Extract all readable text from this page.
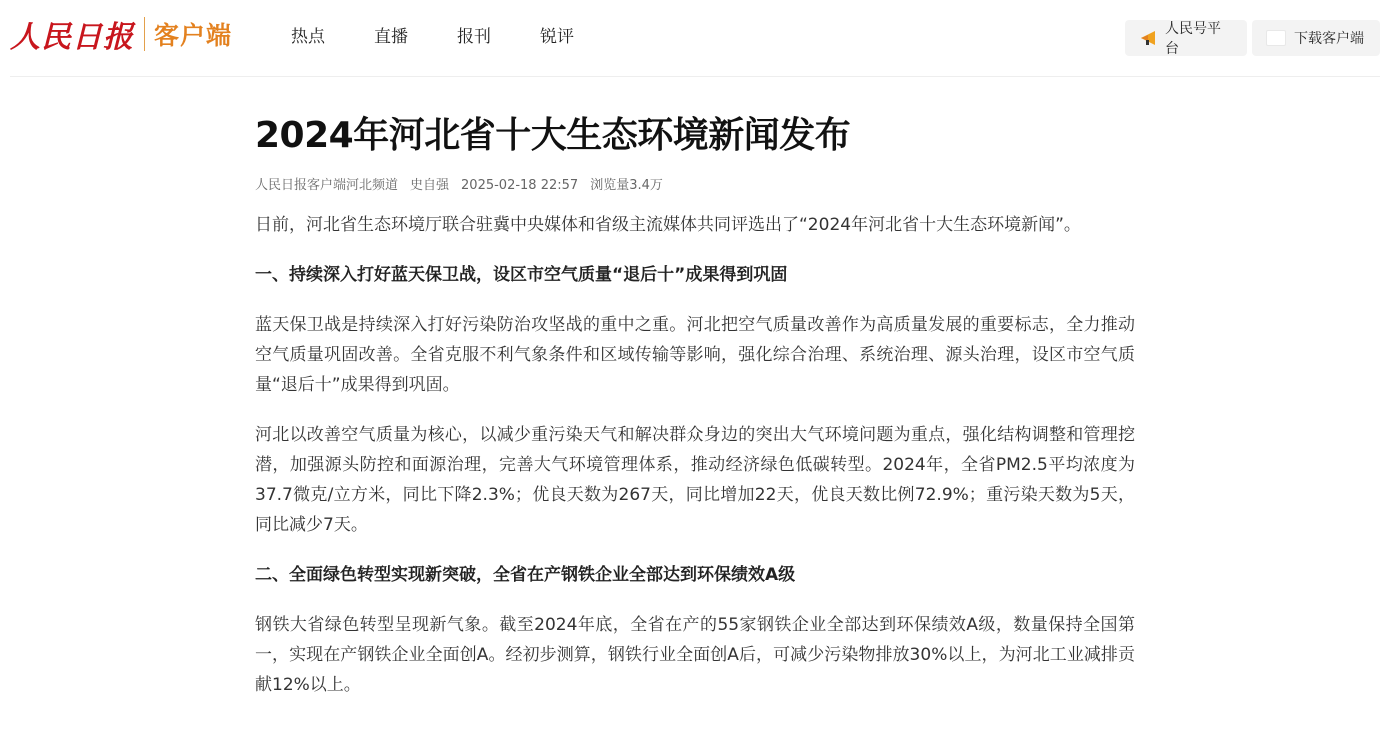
人民日报 客户端	热点	直播	报刊	锐评	人民号平台
下载客户端
2024年河北省十大生态环境新闻发布
人民日报客户端河北频道 史自强 2025-02-18 22:57 浏览量3.4万

日前，河北省生态环境厅联合驻冀中央媒体和省级主流媒体共同评选出了“2024年河北省十大生态环境新闻”。

一、持续深入打好蓝天保卫战，设区市空气质量“退后十”成果得到巩固

蓝天保卫战是持续深入打好污染防治攻坚战的重中之重。河北把空气质量改善作为高质量发展的重要标志，全力推动空气质量巩固改善。全省克服不利气象条件和区域传输等影响，强化综合治理、系统治理、源头治理，设区市空气质量“退后十”成果得到巩固。

河北以改善空气质量为核心，以减少重污染天气和解决群众身边的突出大气环境问题为重点，强化结构调整和管理挖潜，加强源头防控和面源治理，完善大气环境管理体系，推动经济绿色低碳转型。2024年，全省PM2.5平均浓度为37.7微克/立方米，同比下降2.3%；优良天数为267天，同比增加22天，优良天数比例72.9%；重污染天数为5天，同比减少7天。

二、全面绿色转型实现新突破，全省在产钢铁企业全部达到环保绩效A级

钢铁大省绿色转型呈现新气象。截至2024年底，全省在产的55家钢铁企业全部达到环保绩效A级，数量保持全国第一，实现在产钢铁企业全面创A。经初步测算，钢铁行业全面创A后，可减少污染物排放30%以上，为河北工业减排贡献12%以上。
